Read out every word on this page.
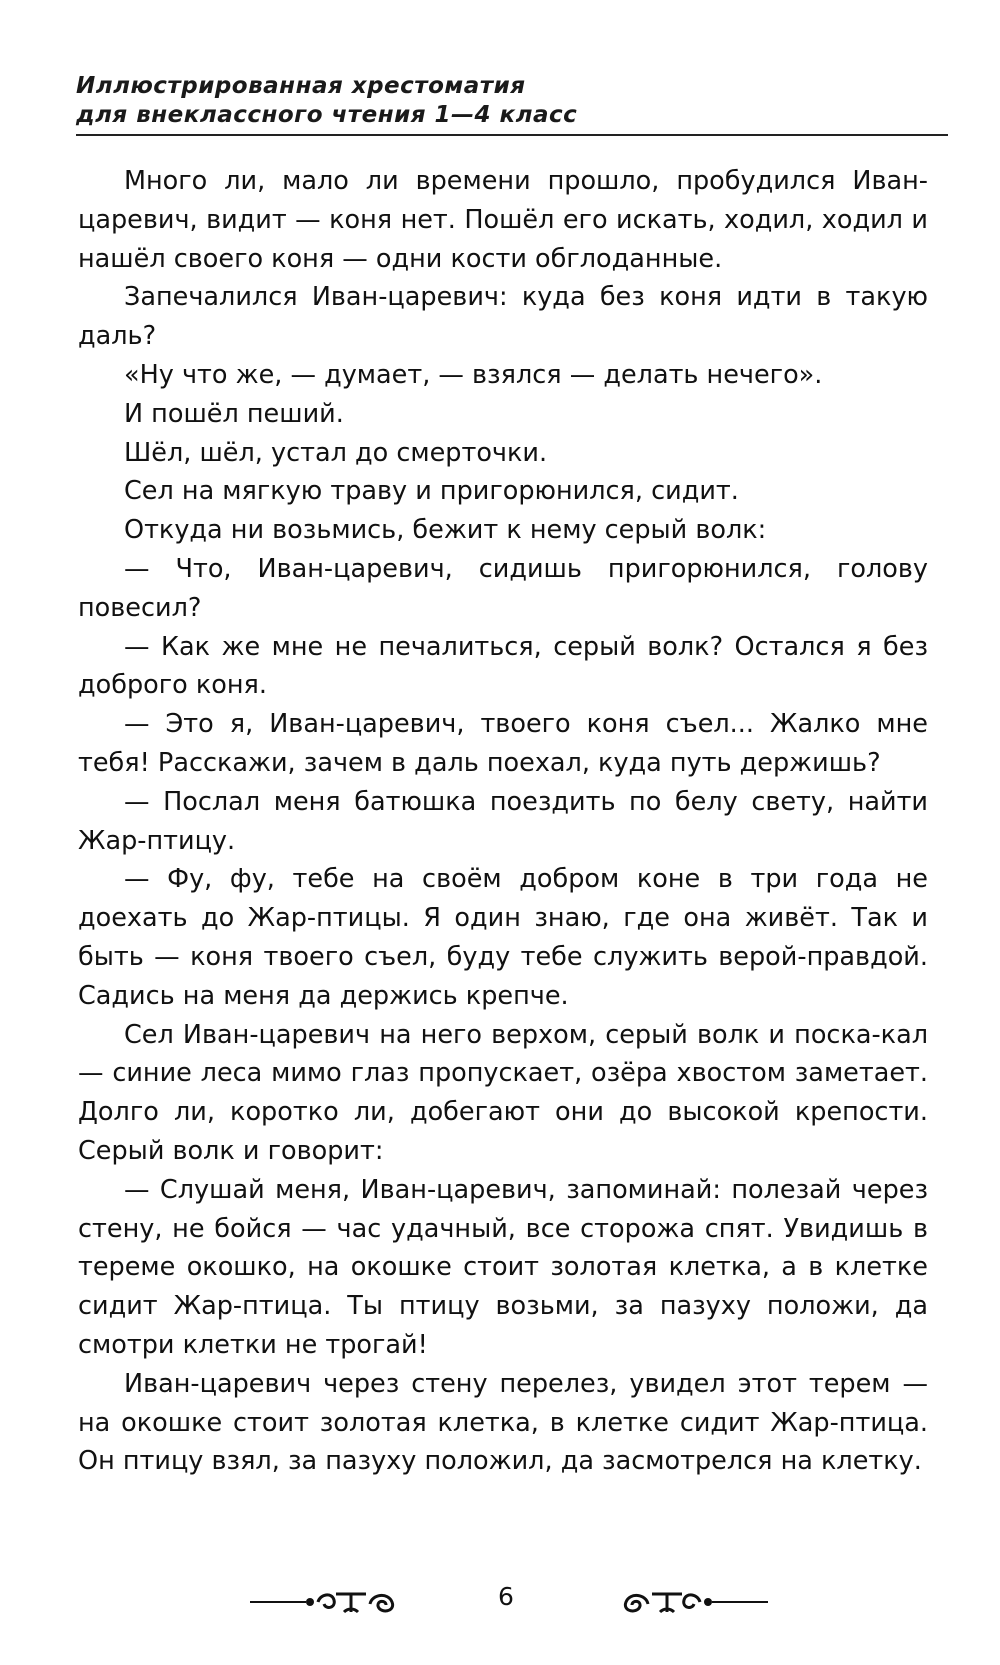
Иллюстрированная хрестоматия
для внеклассного чтения 1—4 класс

Много ли, мало ли времени прошло, пробудился Иван-царевич, видит — коня нет. Пошёл его искать, ходил, ходил и нашёл своего коня — одни кости обглоданные.

Запечалился Иван-царевич: куда без коня идти в такую даль?

«Ну что же, — думает, — взялся — делать нечего».

И пошёл пеший.

Шёл, шёл, устал до смерточки.

Сел на мягкую траву и пригорюнился, сидит.

Откуда ни возьмись, бежит к нему серый волк:

— Что, Иван-царевич, сидишь пригорюнился, голову повесил?

— Как же мне не печалиться, серый волк? Остался я без доброго коня.

— Это я, Иван-царевич, твоего коня съел... Жалко мне тебя! Расскажи, зачем в даль поехал, куда путь держишь?

— Послал меня батюшка поездить по белу свету, найти Жар-птицу.

— Фу, фу, тебе на своём добром коне в три года не доехать до Жар-птицы. Я один знаю, где она живёт. Так и быть — коня твоего съел, буду тебе служить верой-правдой. Садись на меня да держись крепче.

Сел Иван-царевич на него верхом, серый волк и поска-кал — синие леса мимо глаз пропускает, озёра хвостом заметает. Долго ли, коротко ли, добегают они до высокой крепости. Серый волк и говорит:

— Слушай меня, Иван-царевич, запоминай: полезай через стену, не бойся — час удачный, все сторожа спят. Увидишь в тереме окошко, на окошке стоит золотая клетка, а в клетке сидит Жар-птица. Ты птицу возьми, за пазуху положи, да смотри клетки не трогай!

Иван-царевич через стену перелез, увидел этот терем — на окошке стоит золотая клетка, в клетке сидит Жар-птица. Он птицу взял, за пазуху положил, да засмотрелся на клетку.

6
